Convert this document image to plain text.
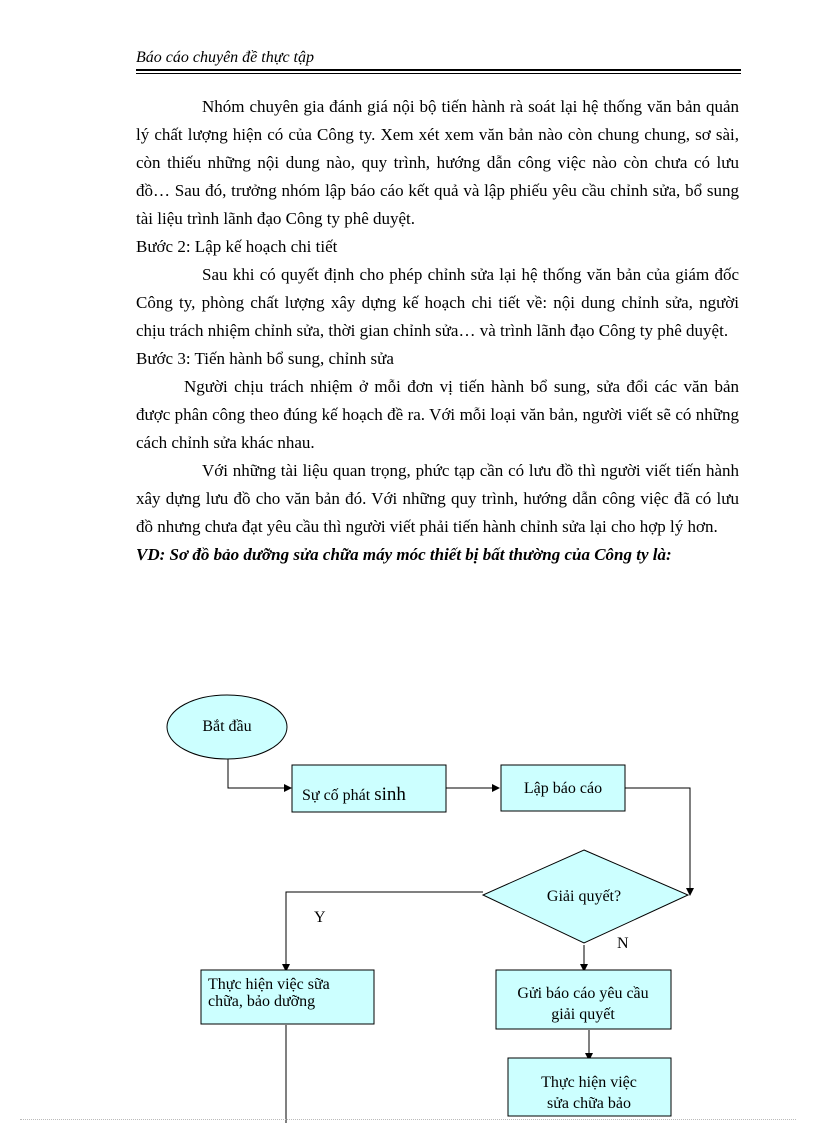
Báo cáo chuyên đề thực tập

Nhóm chuyên gia đánh giá nội bộ tiến hành rà soát lại hệ thống văn bản quản lý chất lượng hiện có của Công ty. Xem xét xem văn bản nào còn chung chung, sơ sài, còn thiếu những nội dung nào, quy trình, hướng dẫn công việc nào còn chưa có lưu đồ… Sau đó, trưởng nhóm lập báo cáo kết quả và lập phiếu yêu cầu chỉnh sửa, bổ sung tài liệu trình lãnh đạo Công ty phê duyệt.

Bước 2: Lập kế hoạch chi tiết

Sau khi có quyết định cho phép chỉnh sửa lại hệ thống văn bản của giám đốc Công ty, phòng chất lượng xây dựng kế hoạch chi tiết về: nội dung chỉnh sửa, người chịu trách nhiệm chỉnh sửa, thời gian chỉnh sửa… và trình lãnh đạo Công ty phê duyệt.

Bước 3: Tiến hành bổ sung, chỉnh sửa

Người chịu trách nhiệm ở mỗi đơn vị tiến hành bổ sung, sửa đổi các văn bản được phân công theo đúng kế hoạch đề ra. Với mỗi loại văn bản, người viết sẽ có những cách chỉnh sửa khác nhau.

Với những tài liệu quan trọng, phức tạp cần có lưu đồ thì người viết tiến hành xây dựng lưu đồ cho văn bản đó. Với những quy trình, hướng dẫn công việc đã có lưu đồ nhưng chưa đạt yêu cầu thì người viết phải tiến hành chỉnh sửa lại cho hợp lý hơn.

VD: Sơ đồ bảo dưỡng sửa chữa máy móc thiết bị bất thường của Công ty là:

Bắt đầu
Sự cố phát sinh	Lập báo cáo
Giải quyết?
Y
N
Thực hiện việc sữa
chữa, bảo dưỡng	Gửi báo cáo yêu cầu
giải quyết
Thực hiện việc
sửa chữa bảo
